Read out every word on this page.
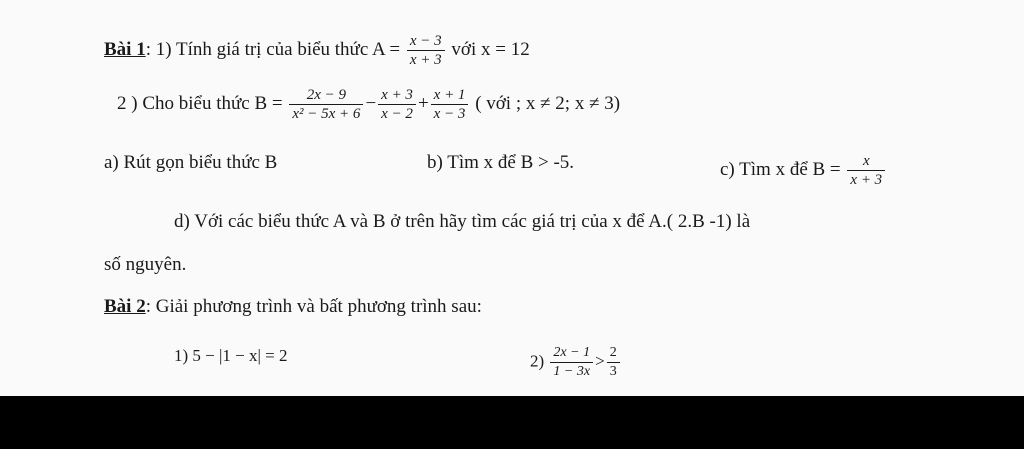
Bài 1: 1) Tính giá trị của biểu thức $A = \frac{x - 3}{x + 3}$ với x = 12
2 ) Cho biểu thức $B = \frac{2x - 9}{\text{x² − 5x + 6}} - \frac{x + 3}{x - 2} + \frac{x + 1}{x - 3}$ ( với ; x ≠ 2; x ≠ 3)
a) Rút gọn biểu thức B	b) Tìm x để B > -5.	c) Tìm x để $B = \frac{x}{x + 3}$
d) Với các biểu thức A và B ở trên hãy tìm các giá trị của x để A.( 2.B -1) là
số nguyên.
Bài 2: Giải phương trình và bất phương trình sau:
1) 5 − |1 − x| = 2	$2) \frac{2x - 1}{1 - 3x} > \frac{2}{3}$
